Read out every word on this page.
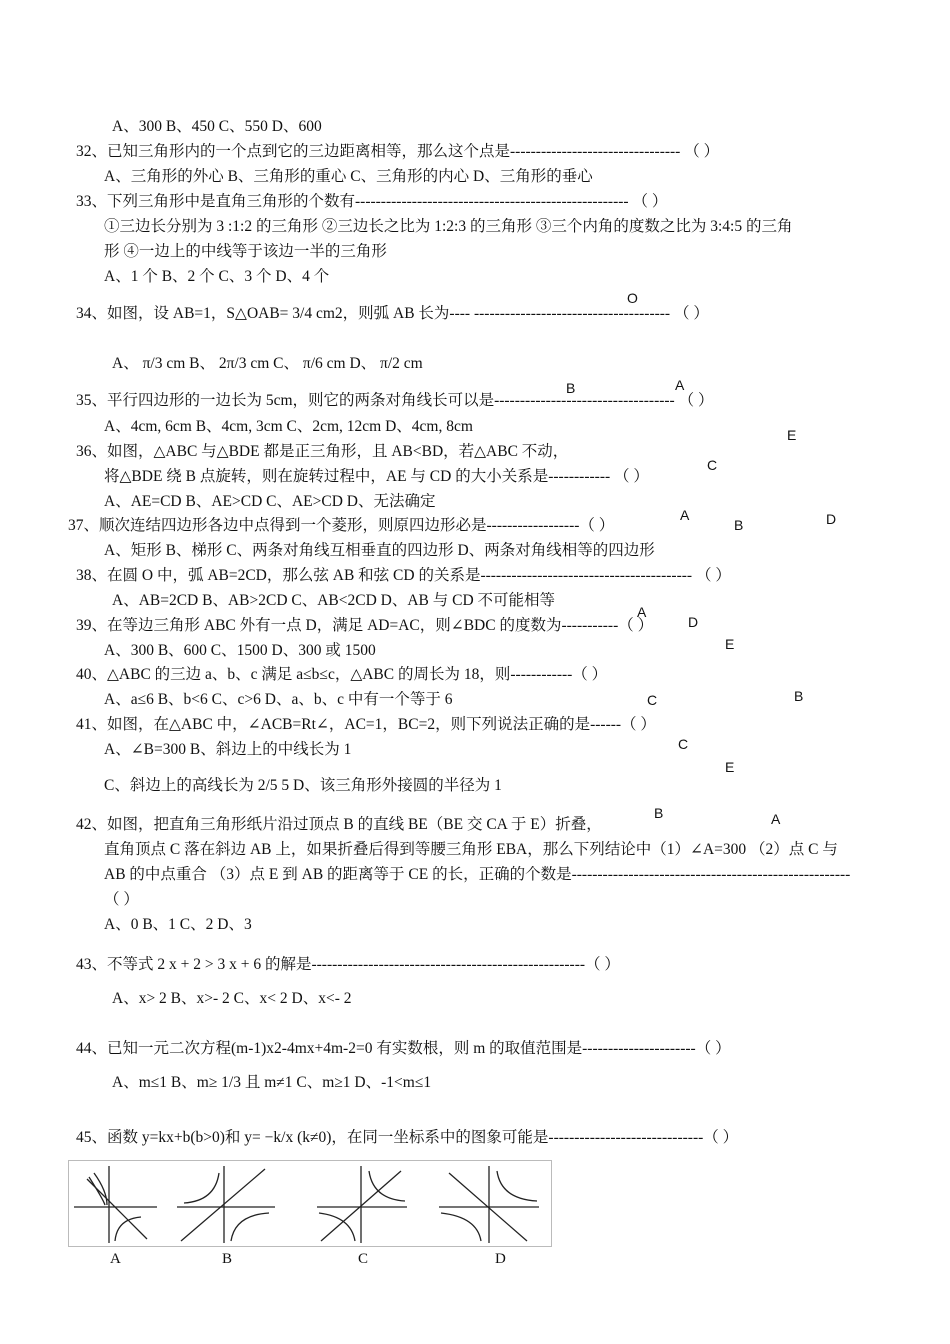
A、300 B、450 C、550 D、600
32、已知三角形内的一个点到它的三边距离相等，那么这个点是--------------------------------- （ ）
A、三角形的外心 B、三角形的重心 C、三角形的内心 D、三角形的垂心
33、下列三角形中是直角三角形的个数有----------------------------------------------------- （ ）
①三边长分别为 3 :1:2 的三角形 ②三边长之比为 1:2:3 的三角形 ③三个内角的度数之比为 3:4:5 的三角
形 ④一边上的中线等于该边一半的三角形
A、1 个 B、2 个 C、3 个 D、4 个
34、如图，设 AB=1，S△OAB= 3/4 cm2，则弧 AB 长为---- -------------------------------------- （ ）
A、 π/3 cm B、 2π/3 cm C、 π/6 cm D、 π/2 cm
35、平行四边形的一边长为 5cm，则它的两条对角线长可以是----------------------------------- （ ）
A、4cm, 6cm B、4cm, 3cm C、2cm, 12cm D、4cm, 8cm
36、如图，△ABC 与△BDE 都是正三角形，且 AB<BD，若△ABC 不动，
将△BDE 绕 B 点旋转，则在旋转过程中，AE 与 CD 的大小关系是------------ （ ）
A、AE=CD B、AE>CD C、AE>CD D、无法确定
37、顺次连结四边形各边中点得到一个菱形，则原四边形必是------------------（ ）
A、矩形 B、梯形 C、两条对角线互相垂直的四边形 D、两条对角线相等的四边形
38、在圆 O 中，弧 AB=2CD，那么弦 AB 和弦 CD 的关系是----------------------------------------- （ ）
A、AB=2CD B、AB>2CD C、AB<2CD D、AB 与 CD 不可能相等
39、在等边三角形 ABC 外有一点 D，满足 AD=AC，则∠BDC 的度数为-----------（ ）
A、300 B、600 C、1500 D、300 或 1500
40、△ABC 的三边 a、b、c 满足 a≤b≤c，△ABC 的周长为 18，则------------（ ）
A、a≤6 B、b<6 C、c>6 D、a、b、c 中有一个等于 6
41、如图，在△ABC 中，∠ACB=Rt∠，AC=1，BC=2，则下列说法正确的是------（ ）
A、∠B=300 B、斜边上的中线长为 1
C、斜边上的高线长为 2/5 5 D、该三角形外接圆的半径为 1
42、如图，把直角三角形纸片沿过顶点 B 的直线 BE（BE 交 CA 于 E）折叠，
直角顶点 C 落在斜边 AB 上，如果折叠后得到等腰三角形 EBA，那么下列结论中（1）∠A=300 （2）点 C 与
AB 的中点重合 （3）点 E 到 AB 的距离等于 CE 的长，正确的个数是------------------------------------------------------
（ ）
A、0 B、1 C、2 D、3
43、不等式 2 x + 2 > 3 x + 6 的解是-----------------------------------------------------（ ）
A、x> 2 B、x>- 2 C、x< 2 D、x<- 2
44、已知一元二次方程(m-1)x2-4mx+4m-2=0 有实数根，则 m 的取值范围是----------------------（ ）
A、m≤1 B、m≥ 1/3 且 m≠1 C、m≥1 D、-1<m≤1
45、函数 y=kx+b(b>0)和 y= −k/x (k≠0)，在同一坐标系中的图象可能是------------------------------（ ）
O
B	A
E
C
A
B	D
A
D
E
C	B
C
E
B	A
A	B	C	D
